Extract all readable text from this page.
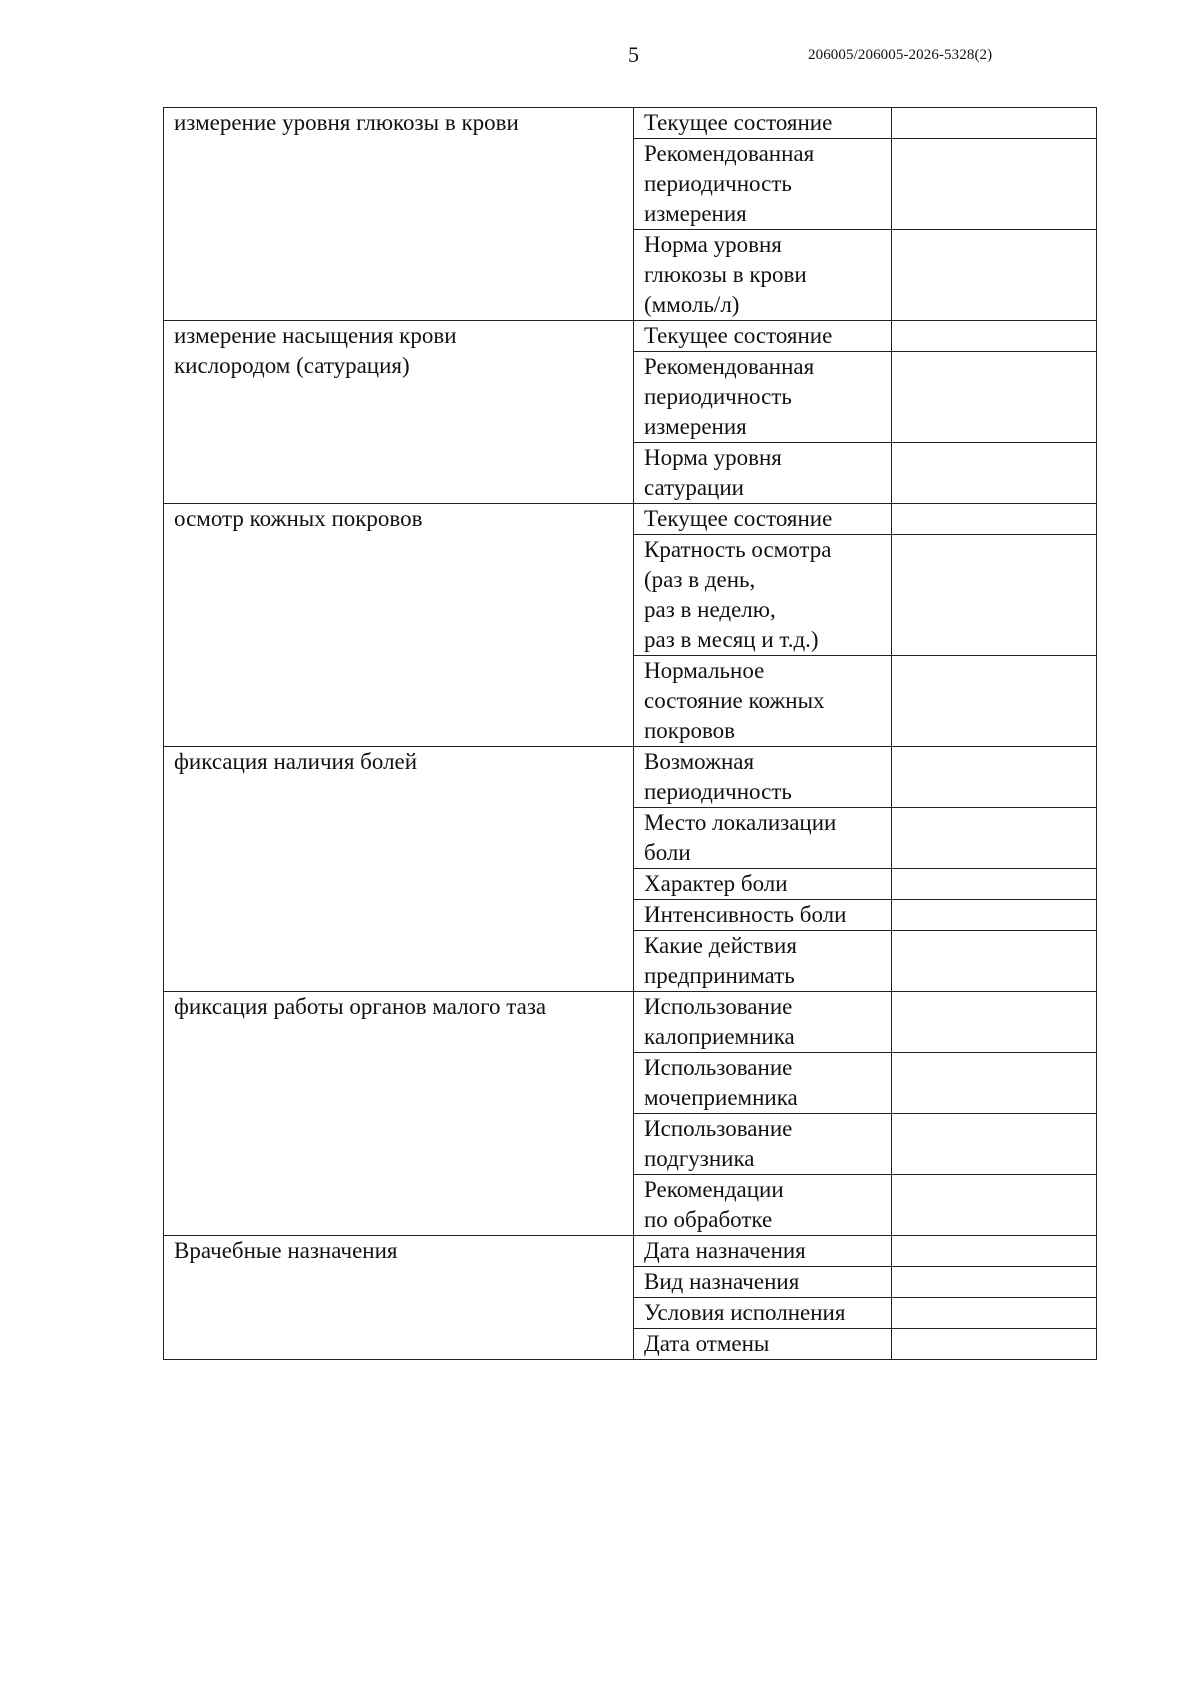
5	206005/206005-2026-5328(2)
измерение уровня глюкозы в крови	Текущее состояние	

	Рекомендованная
периодичность
измерения	

	Норма уровня
глюкозы в крови
(ммоль/л)	

измерение насыщения крови
кислородом (сатурация)	Текущее состояние	

	Рекомендованная
периодичность
измерения	

	Норма уровня
сатурации	

осмотр кожных покровов	Текущее состояние	

	Кратность осмотра
(раз в день,
раз в неделю,
раз в месяц и т.д.)	

	Нормальное
состояние кожных
покровов	

фиксация наличия болей	Возможная
периодичность	

	Место локализации
боли	

	Характер боли	

	Интенсивность боли	

	Какие действия
предпринимать	

фиксация работы органов малого таза	Использование
калоприемника	

	Использование
мочеприемника	

	Использование
подгузника	

	Рекомендации
по обработке	

Врачебные назначения	Дата назначения	

	Вид назначения	

	Условия исполнения	

	Дата отмены	
